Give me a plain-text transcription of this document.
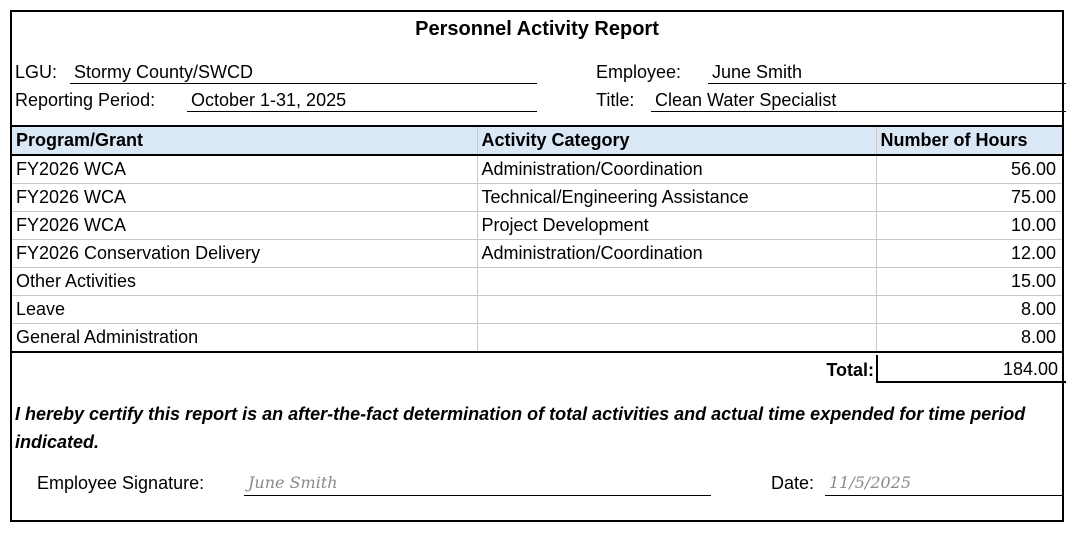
Personnel Activity Report
LGU: Stormy County/SWCD
Reporting Period: October 1-31, 2025
Employee: June Smith
Title: Clean Water Specialist
Program/Grant	Activity Category	Number of Hours
FY2026 WCA	Administration/Coordination	56.00
FY2026 WCA	Technical/Engineering Assistance	75.00
FY2026 WCA	Project Development	10.00
FY2026 Conservation Delivery	Administration/Coordination	12.00
Other Activities		15.00
Leave		8.00
General Administration		8.00
Total:	184.00
I hereby certify this report is an after-the-fact determination of total activities and actual time expended for time period indicated.
Employee Signature:	June Smith	Date: 11/5/2025
